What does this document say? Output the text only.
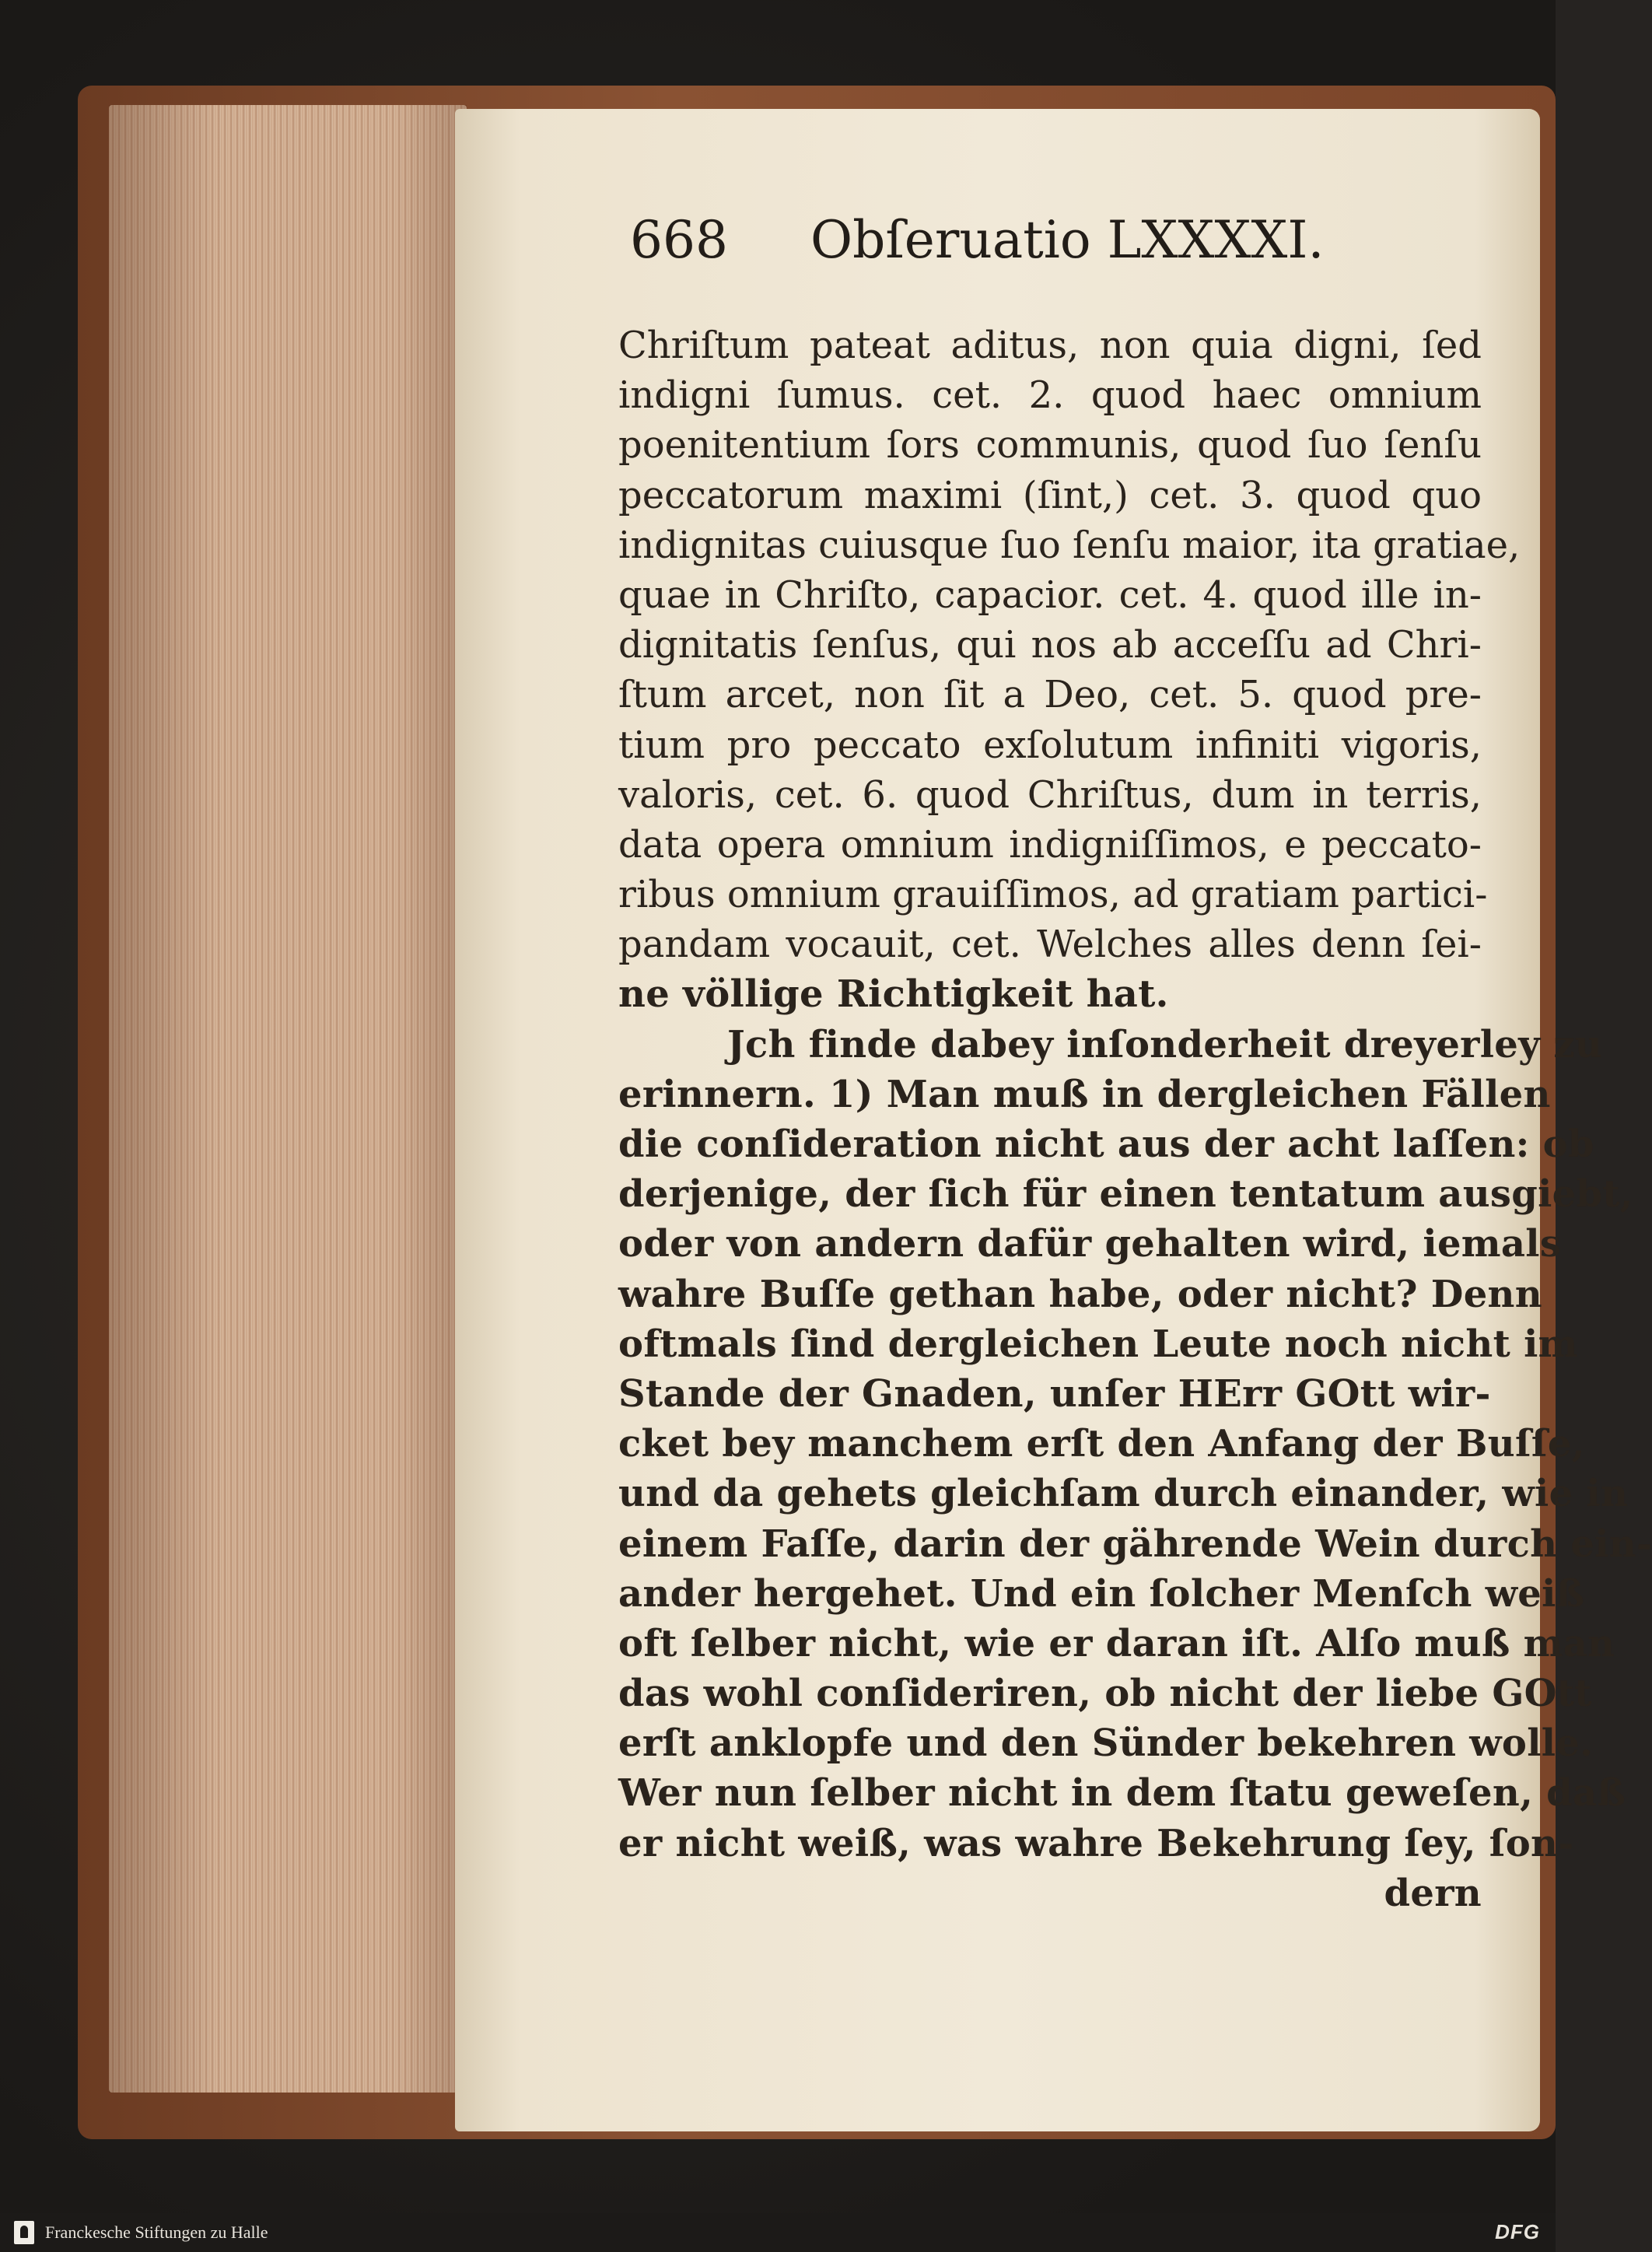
668 Obſeruatio LXXXXI.
Chriſtum pateat aditus, non quia digni, ſed
indigni ſumus. cet. 2. quod haec omnium
poenitentium ſors communis, quod ſuo ſenſu
peccatorum maximi (ſint,) cet. 3. quod quo
indignitas cuiusque ſuo ſenſu maior, ita gratiae,
quae in Chriſto, capacior. cet. 4. quod ille in-
dignitatis ſenſus, qui nos ab acceſſu ad Chri-
ſtum arcet, non ſit a Deo, cet. 5. quod pre-
tium pro peccato exſolutum infiniti vigoris,
valoris, cet. 6. quod Chriſtus, dum in terris,
data opera omnium indigniſſimos, e peccato-
ribus omnium grauiſſimos, ad gratiam partici-
pandam vocauit, cet. Welches alles denn ſei-
ne völlige Richtigkeit hat.
Jch finde dabey inſonderheit dreyerley zu
erinnern. 1) Man muß in dergleichen Fällen
die conſideration nicht aus der acht laſſen: ob
derjenige, der ſich für einen tentatum ausgiebt,
oder von andern dafür gehalten wird, iemals
wahre Buſſe gethan habe, oder nicht? Denn
oftmals ſind dergleichen Leute noch nicht im
Stande der Gnaden, unſer HErr GOtt wir-
cket bey manchem erſt den Anfang der Buſſe,
und da gehets gleichſam durch einander, wie in
einem Faſſe, darin der gährende Wein durch ein-
ander hergehet. Und ein ſolcher Menſch weiß
oft ſelber nicht, wie er daran iſt. Alſo muß man
das wohl conſideriren, ob nicht der liebe GOtt
erſt anklopfe und den Sünder bekehren wolle.
Wer nun ſelber nicht in dem ſtatu geweſen, daß
er nicht weiß, was wahre Bekehrung ſey, ſon-
dern
Franckesche Stiftungen zu Halle	DFG
